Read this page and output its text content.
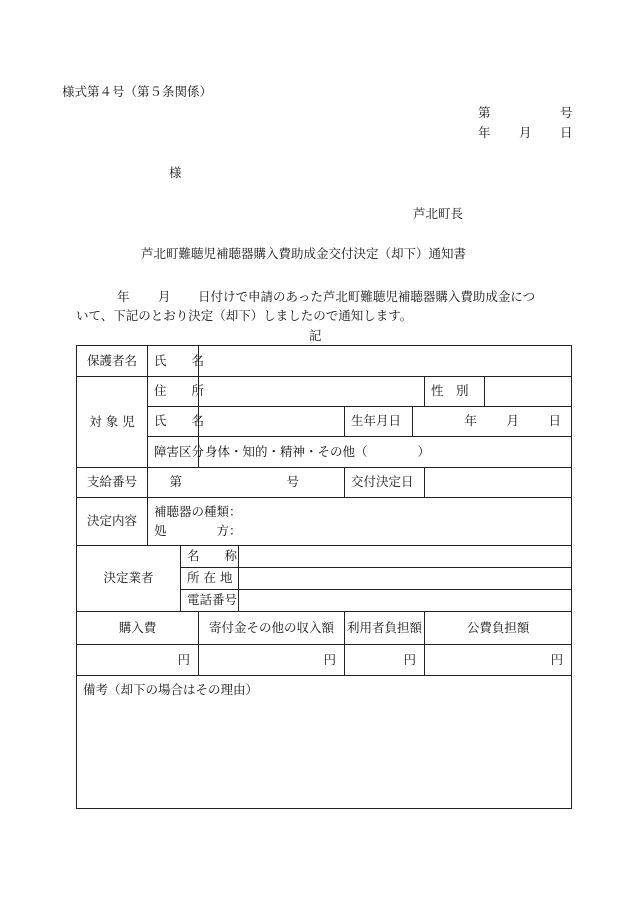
様式第４号（第５条関係）
第	号
年 月 日
様
芦北町長
芦北町難聴児補聴器購入費助成金交付決定（却下）通知書
年 月 日付けで申請のあった芦北町難聴児補聴器購入費助成金につ
いて、下記のとおり決定（却下）しましたので通知します。
記
保護者名	氏　　名							
対 象 児	住　　所						性　別	
	氏　　名				生年月日	年 月 日		
	障害区分		身体・知的・精神・その他（　　　　）					
支給番号	第 号				交付決定日			
決定内容	補聴器の種類：
処　　　　方：							

決定業者		名　　称						
		所 在 地						
		電話番号						
購入費			寄付金その他の収入額		利用者負担額		公費負担額	
円			円		円		円	
備考（却下の場合はその理由）								
